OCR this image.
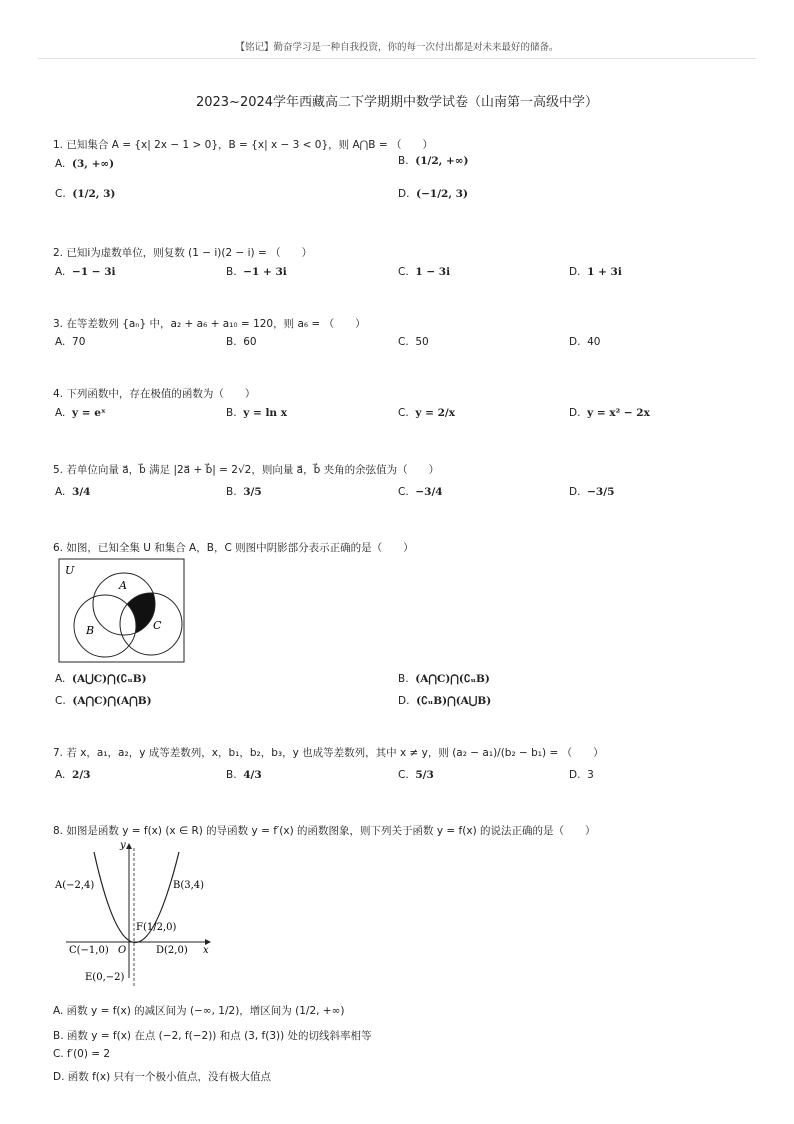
【铭记】勤奋学习是一种自我投资，你的每一次付出都是对未来最好的储备。
2023~2024学年西藏高二下学期期中数学试卷（山南第一高级中学）
1. 已知集合 A = {x| 2x − 1 > 0}，B = {x| x − 3 < 0}，则 A⋂B = （　　）
A. (3, +∞)	B. (1/2, +∞)
C. (1/2, 3)	D. (−1/2, 3)
2. 已知i为虚数单位，则复数 (1 − i)(2 − i) = （　　）
A. −1 − 3i	B. −1 + 3i	C. 1 − 3i	D. 1 + 3i
3. 在等差数列 {aₙ} 中，a₂ + a₆ + a₁₀ = 120，则 a₆ = （　　）
A. 70	B. 60	C. 50	D. 40
4. 下列函数中，存在极值的函数为（　　）
A. y = eˣ	B. y = ln x	C. y = 2/x	D. y = x² − 2x
5. 若单位向量 a⃗，b⃗ 满足 |2a⃗ + b⃗| = 2√2，则向量 a⃗，b⃗ 夹角的余弦值为（　　）
A. 3/4	B. 3/5	C. −3/4	D. −3/5
6. 如图，已知全集 U 和集合 A，B，C 则图中阴影部分表示正确的是（　　）
U
A
B	C
A. (A⋃C)⋂(∁ᵤB)	B. (A⋂C)⋂(∁ᵤB)
C. (A⋂C)⋂(A⋂B)	D. (∁ᵤB)⋂(A⋃B)
7. 若 x，a₁，a₂，y 成等差数列，x，b₁，b₂，b₃，y 也成等差数列，其中 x ≠ y，则 (a₂ − a₁)/(b₂ − b₁) = （　　）
A. 2/3	B. 4/3	C. 5/3	D. 3
8. 如图是函数 y = f(x) (x ∈ R) 的导函数 y = f′(x) 的函数图象，则下列关于函数 y = f(x) 的说法正确的是（　　）
y
x
O
A(−2,4)	B(3,4)
C(−1,0)	D(2,0)
E(0,−2)
F(1/2,0)
A. 函数 y = f(x) 的减区间为 (−∞, 1/2)，增区间为 (1/2, +∞)
B. 函数 y = f(x) 在点 (−2, f(−2)) 和点 (3, f(3)) 处的切线斜率相等
C. f′(0) = 2
D. 函数 f(x) 只有一个极小值点，没有极大值点
